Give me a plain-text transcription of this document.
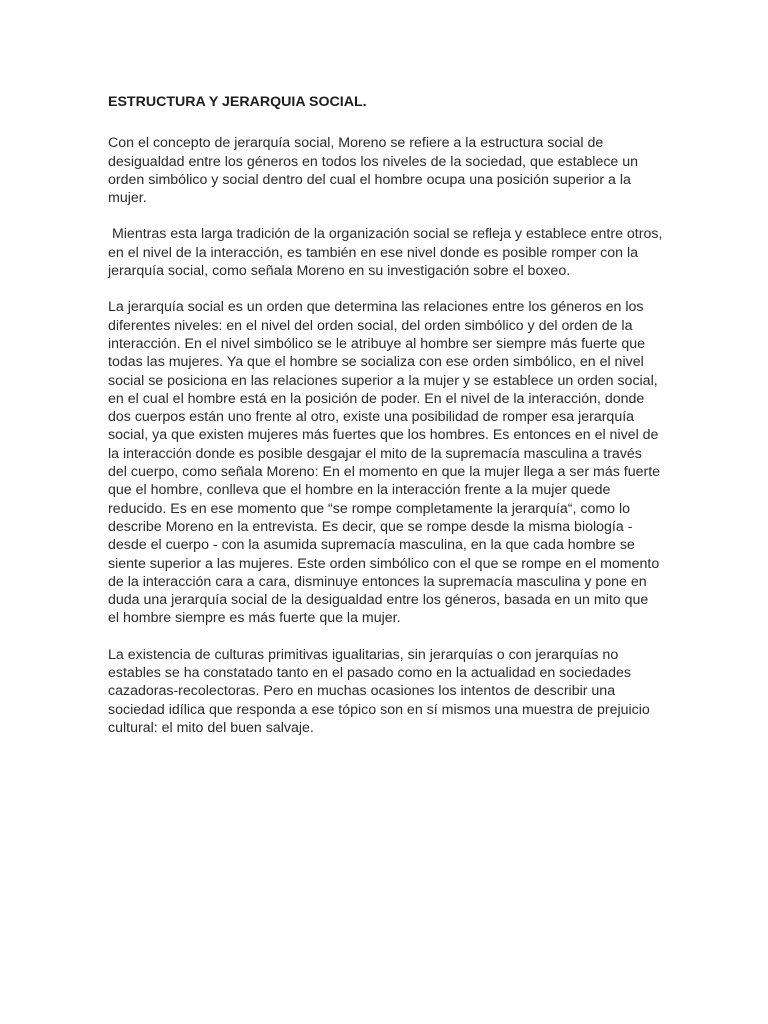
ESTRUCTURA Y JERARQUIA SOCIAL.

Con el concepto de jerarquía social, Moreno se refiere a la estructura social de desigualdad entre los géneros en todos los niveles de la sociedad, que establece un orden simbólico y social dentro del cual el hombre ocupa una posición superior a la mujer.

Mientras esta larga tradición de la organización social se refleja y establece entre otros, en el nivel de la interacción, es también en ese nivel donde es posible romper con la jerarquía social, como señala Moreno en su investigación sobre el boxeo.

La jerarquía social es un orden que determina las relaciones entre los géneros en los diferentes niveles: en el nivel del orden social, del orden simbólico y del orden de la interacción. En el nivel simbólico se le atribuye al hombre ser siempre más fuerte que todas las mujeres. Ya que el hombre se socializa con ese orden simbólico, en el nivel social se posiciona en las relaciones superior a la mujer y se establece un orden social, en el cual el hombre está en la posición de poder. En el nivel de la interacción, donde dos cuerpos están uno frente al otro, existe una posibilidad de romper esa jerarquía social, ya que existen mujeres más fuertes que los hombres. Es entonces en el nivel de la interacción donde es posible desgajar el mito de la supremacía masculina a través del cuerpo, como señala Moreno: En el momento en que la mujer llega a ser más fuerte que el hombre, conlleva que el hombre en la interacción frente a la mujer quede reducido. Es en ese momento que “se rompe completamente la jerarquía“, como lo describe Moreno en la entrevista. Es decir, que se rompe desde la misma biología - desde el cuerpo - con la asumida supremacía masculina, en la que cada hombre se siente superior a las mujeres. Este orden simbólico con el que se rompe en el momento de la interacción cara a cara, disminuye entonces la supremacía masculina y pone en duda una jerarquía social de la desigualdad entre los géneros, basada en un mito que el hombre siempre es más fuerte que la mujer.

La existencia de culturas primitivas igualitarias, sin jerarquías o con jerarquías no estables se ha constatado tanto en el pasado como en la actualidad en sociedades cazadoras-recolectoras. Pero en muchas ocasiones los intentos de describir una sociedad idílica que responda a ese tópico son en sí mismos una muestra de prejuicio cultural: el mito del buen salvaje.
